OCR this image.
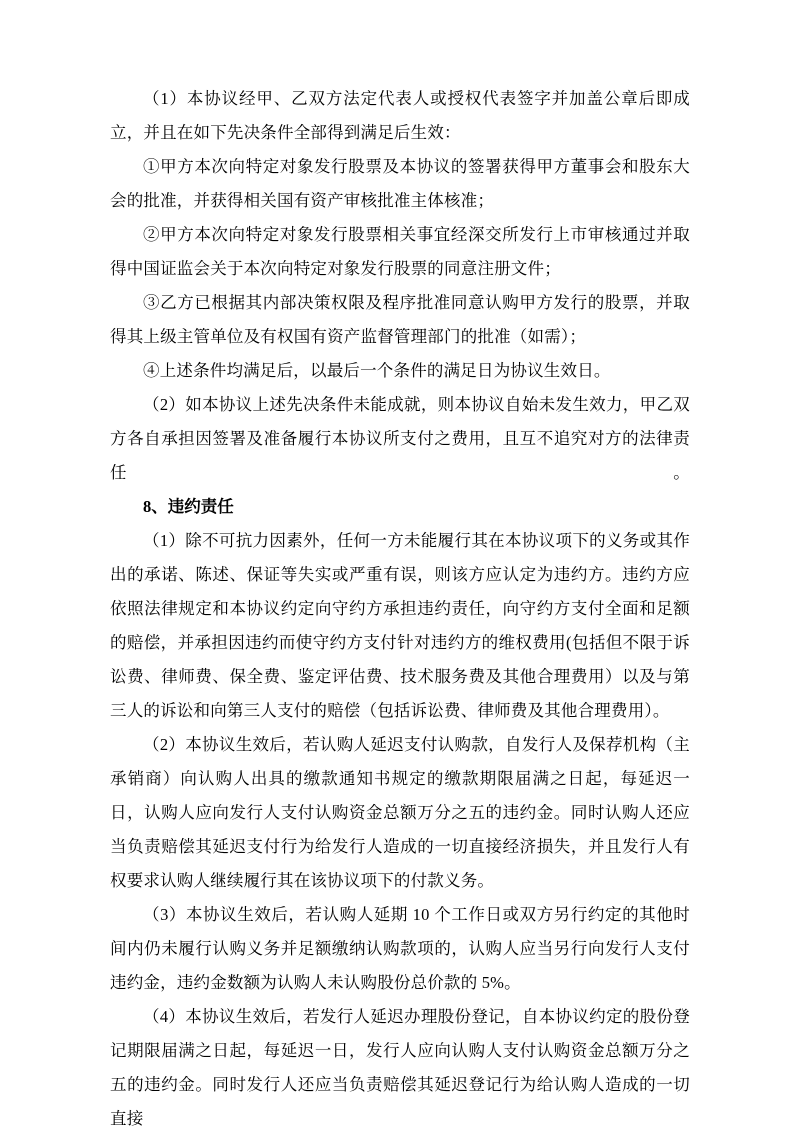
（1）本协议经甲、乙双方法定代表人或授权代表签字并加盖公章后即成立，并且在如下先决条件全部得到满足后生效：

①甲方本次向特定对象发行股票及本协议的签署获得甲方董事会和股东大会的批准，并获得相关国有资产审核批准主体核准；

②甲方本次向特定对象发行股票相关事宜经深交所发行上市审核通过并取得中国证监会关于本次向特定对象发行股票的同意注册文件；

③乙方已根据其内部决策权限及程序批准同意认购甲方发行的股票，并取得其上级主管单位及有权国有资产监督管理部门的批准（如需）；

④上述条件均满足后，以最后一个条件的满足日为协议生效日。

（2）如本协议上述先决条件未能成就，则本协议自始未发生效力，甲乙双方各自承担因签署及准备履行本协议所支付之费用，且互不追究对方的法律责任。

8、违约责任

（1）除不可抗力因素外，任何一方未能履行其在本协议项下的义务或其作出的承诺、陈述、保证等失实或严重有误，则该方应认定为违约方。违约方应依照法律规定和本协议约定向守约方承担违约责任，向守约方支付全面和足额的赔偿，并承担因违约而使守约方支付针对违约方的维权费用(包括但不限于诉讼费、律师费、保全费、鉴定评估费、技术服务费及其他合理费用）以及与第三人的诉讼和向第三人支付的赔偿（包括诉讼费、律师费及其他合理费用）。

（2）本协议生效后，若认购人延迟支付认购款，自发行人及保荐机构（主承销商）向认购人出具的缴款通知书规定的缴款期限届满之日起，每延迟一日，认购人应向发行人支付认购资金总额万分之五的违约金。同时认购人还应当负责赔偿其延迟支付行为给发行人造成的一切直接经济损失，并且发行人有权要求认购人继续履行其在该协议项下的付款义务。

（3）本协议生效后，若认购人延期 10 个工作日或双方另行约定的其他时间内仍未履行认购义务并足额缴纳认购款项的，认购人应当另行向发行人支付违约金，违约金数额为认购人未认购股份总价款的 5%。

（4）本协议生效后，若发行人延迟办理股份登记，自本协议约定的股份登记期限届满之日起，每延迟一日，发行人应向认购人支付认购资金总额万分之五的违约金。同时发行人还应当负责赔偿其延迟登记行为给认购人造成的一切直接
